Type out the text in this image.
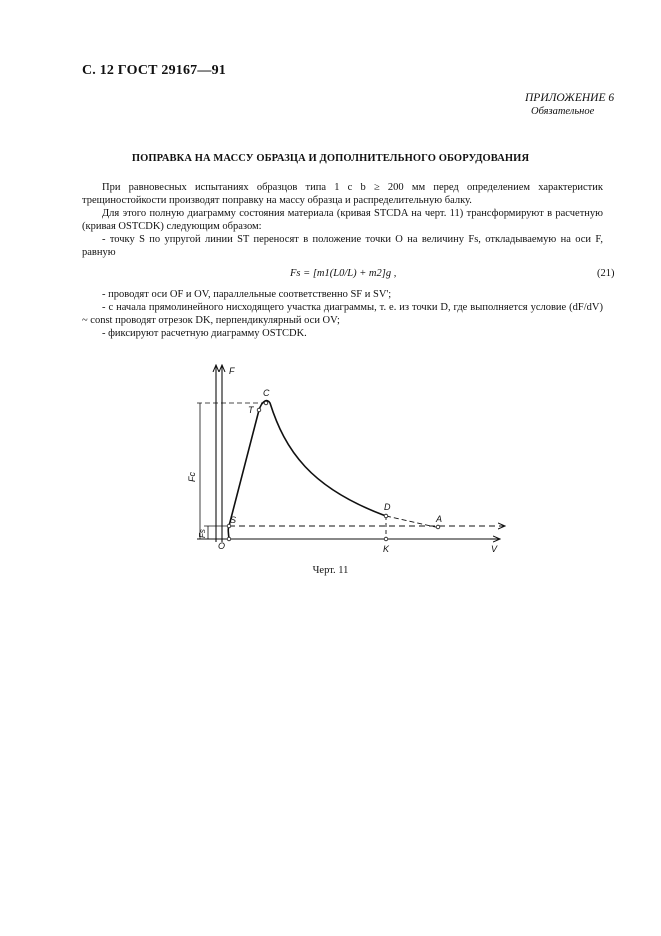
С. 12 ГОСТ 29167—91
ПРИЛОЖЕНИЕ 6
Обязательное
ПОПРАВКА НА МАССУ ОБРАЗЦА И ДОПОЛНИТЕЛЬНОГО ОБОРУДОВАНИЯ
При равновесных испытаниях образцов типа 1 с b ≥ 200 мм перед определением характеристик трещиностойкости производят поправку на массу образца и распределительную балку.
Для этого полную диаграмму состояния материала (кривая STCDA на черт. 11) трансформируют в расчетную (кривая OSTCDK) следующим образом:
- точку S по упругой линии ST переносят в положение точки O на величину Fs, откладываемую на оси F, равную
Fs = [m1(L0/L) + m2]g ,	(21)
- проводят оси OF и OV, параллельные соответственно SF и SV';
- с начала прямолинейного нисходящего участка диаграммы, т. е. из точки D, где выполняется условие (dF/dV) ~ const проводят отрезок DK, перпендикулярный оси OV;
- фиксируют расчетную диаграмму OSTCDK.
F
V
O
S
T
C
D
A
K
Fc
Fs
Черт. 11
